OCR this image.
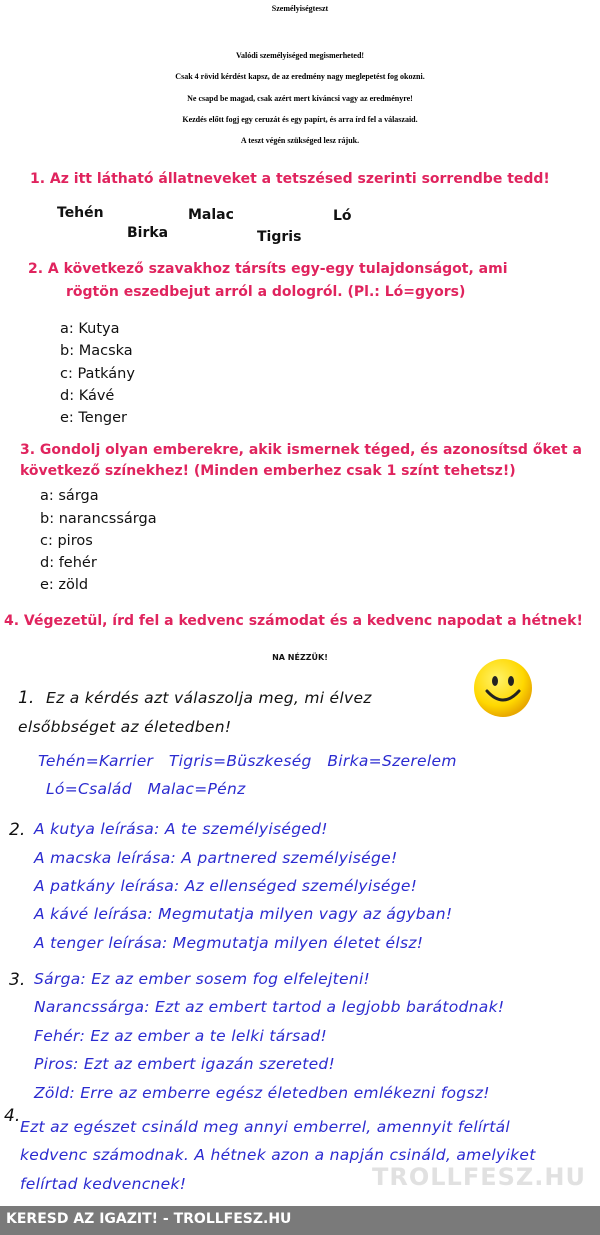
Személyiségteszt
Valódi személyiséged megismerheted!
Csak 4 rövid kérdést kapsz, de az eredmény nagy meglepetést fog okozni.
Ne csapd be magad, csak azért mert kíváncsi vagy az eredményre!
Kezdés előtt fogj egy ceruzát és egy papírt, és arra írd fel a válaszaid.
A teszt végén szükséged lesz rájuk.
1. Az itt látható állatneveket a tetszésed szerinti sorrendbe tedd!
Tehén
Birka
Malac
Tigris
Ló
2. A következő szavakhoz társíts egy-egy tulajdonságot, ami
rögtön eszedbejut arról a dologról. (Pl.: Ló=gyors)
a: Kutya
b: Macska
c: Patkány
d: Kávé
e: Tenger
3. Gondolj olyan emberekre, akik ismernek téged, és azonosítsd őket a
következő színekhez! (Minden emberhez csak 1 színt tehetsz!)
a: sárga
b: narancssárga
c: piros
d: fehér
e: zöld
4. Végezetül, írd fel a kedvenc számodat és a kedvenc napodat a hétnek!
NA NÉZZÜK!
1. Ez a kérdés azt válaszolja meg, mi élvez
elsőbbséget az életedben!
Tehén=Karrier   Tigris=Büszkeség   Birka=Szerelem
Ló=Család   Malac=Pénz
2. A kutya leírása: A te személyiséged!
A macska leírása: A partnered személyisége!
A patkány leírása: Az ellenséged személyisége!
A kávé leírása: Megmutatja milyen vagy az ágyban!
A tenger leírása: Megmutatja milyen életet élsz!
3. Sárga: Ez az ember sosem fog elfelejteni!
Narancssárga: Ezt az embert tartod a legjobb barátodnak!
Fehér: Ez az ember a te lelki társad!
Piros: Ezt az embert igazán szereted!
Zöld: Erre az emberre egész életedben emlékezni fogsz!
4.
Ezt az egészet csináld meg annyi emberrel, amennyit felírtál
kedvenc számodnak. A hétnek azon a napján csináld, amelyiket
felírtad kedvencnek!	TROLLFESZ.HU
KERESD AZ IGAZIT! - TROLLFESZ.HU
